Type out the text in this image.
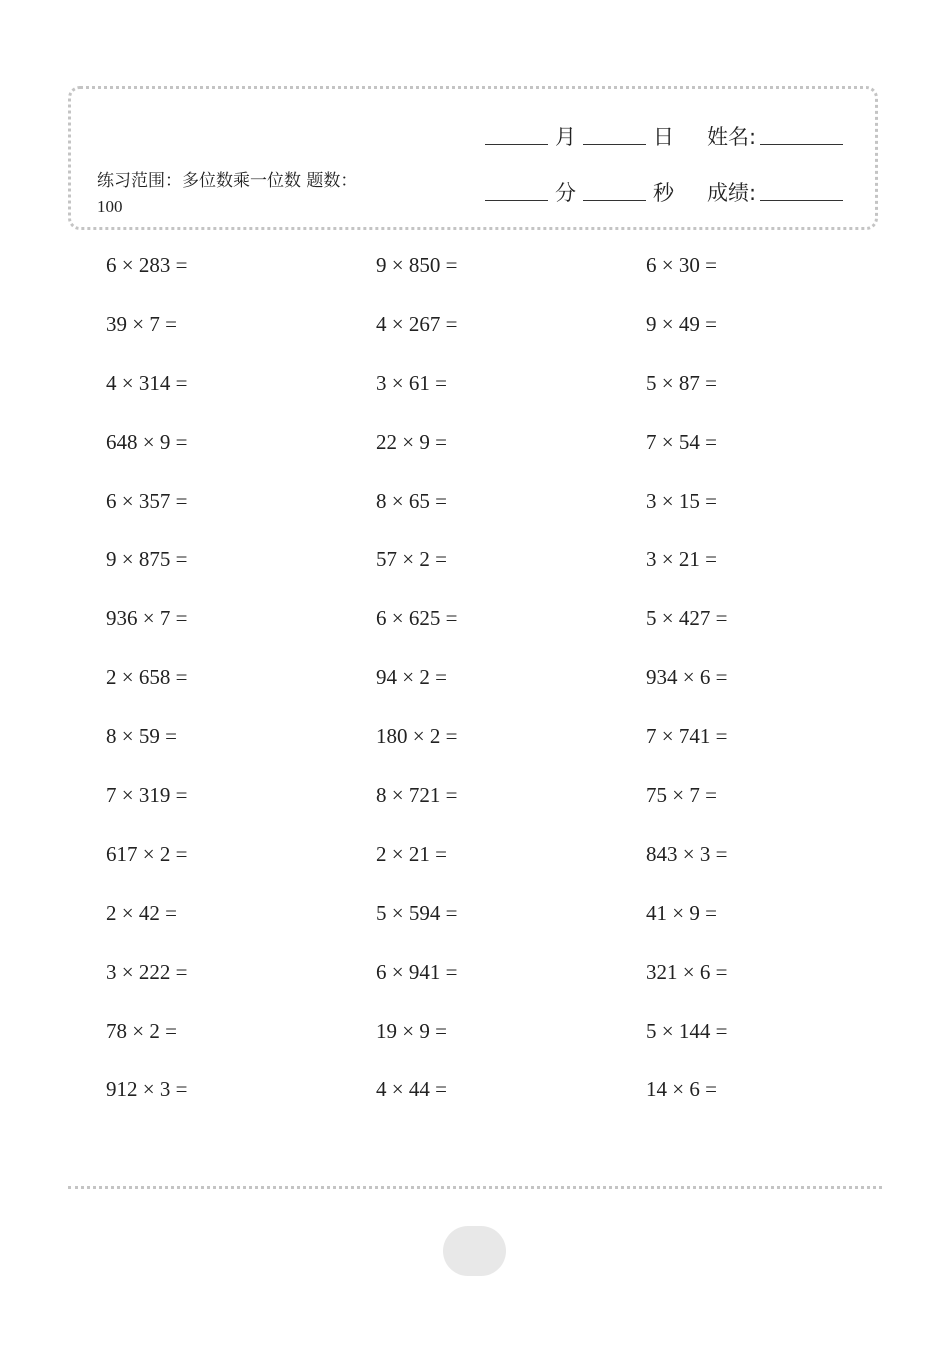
练习范围：多位数乘一位数 题数：100
月	日 姓名:
分	秒 成绩:
6 × 283 =	9 × 850 =	6 × 30 =
39 × 7 =	4 × 267 =	9 × 49 =
4 × 314 =	3 × 61 =	5 × 87 =
648 × 9 =	22 × 9 =	7 × 54 =
6 × 357 =	8 × 65 =	3 × 15 =
9 × 875 =	57 × 2 =	3 × 21 =
936 × 7 =	6 × 625 =	5 × 427 =
2 × 658 =	94 × 2 =	934 × 6 =
8 × 59 =	180 × 2 =	7 × 741 =
7 × 319 =	8 × 721 =	75 × 7 =
617 × 2 =	2 × 21 =	843 × 3 =
2 × 42 =	5 × 594 =	41 × 9 =
3 × 222 =	6 × 941 =	321 × 6 =
78 × 2 =	19 × 9 =	5 × 144 =
912 × 3 =	4 × 44 =	14 × 6 =
